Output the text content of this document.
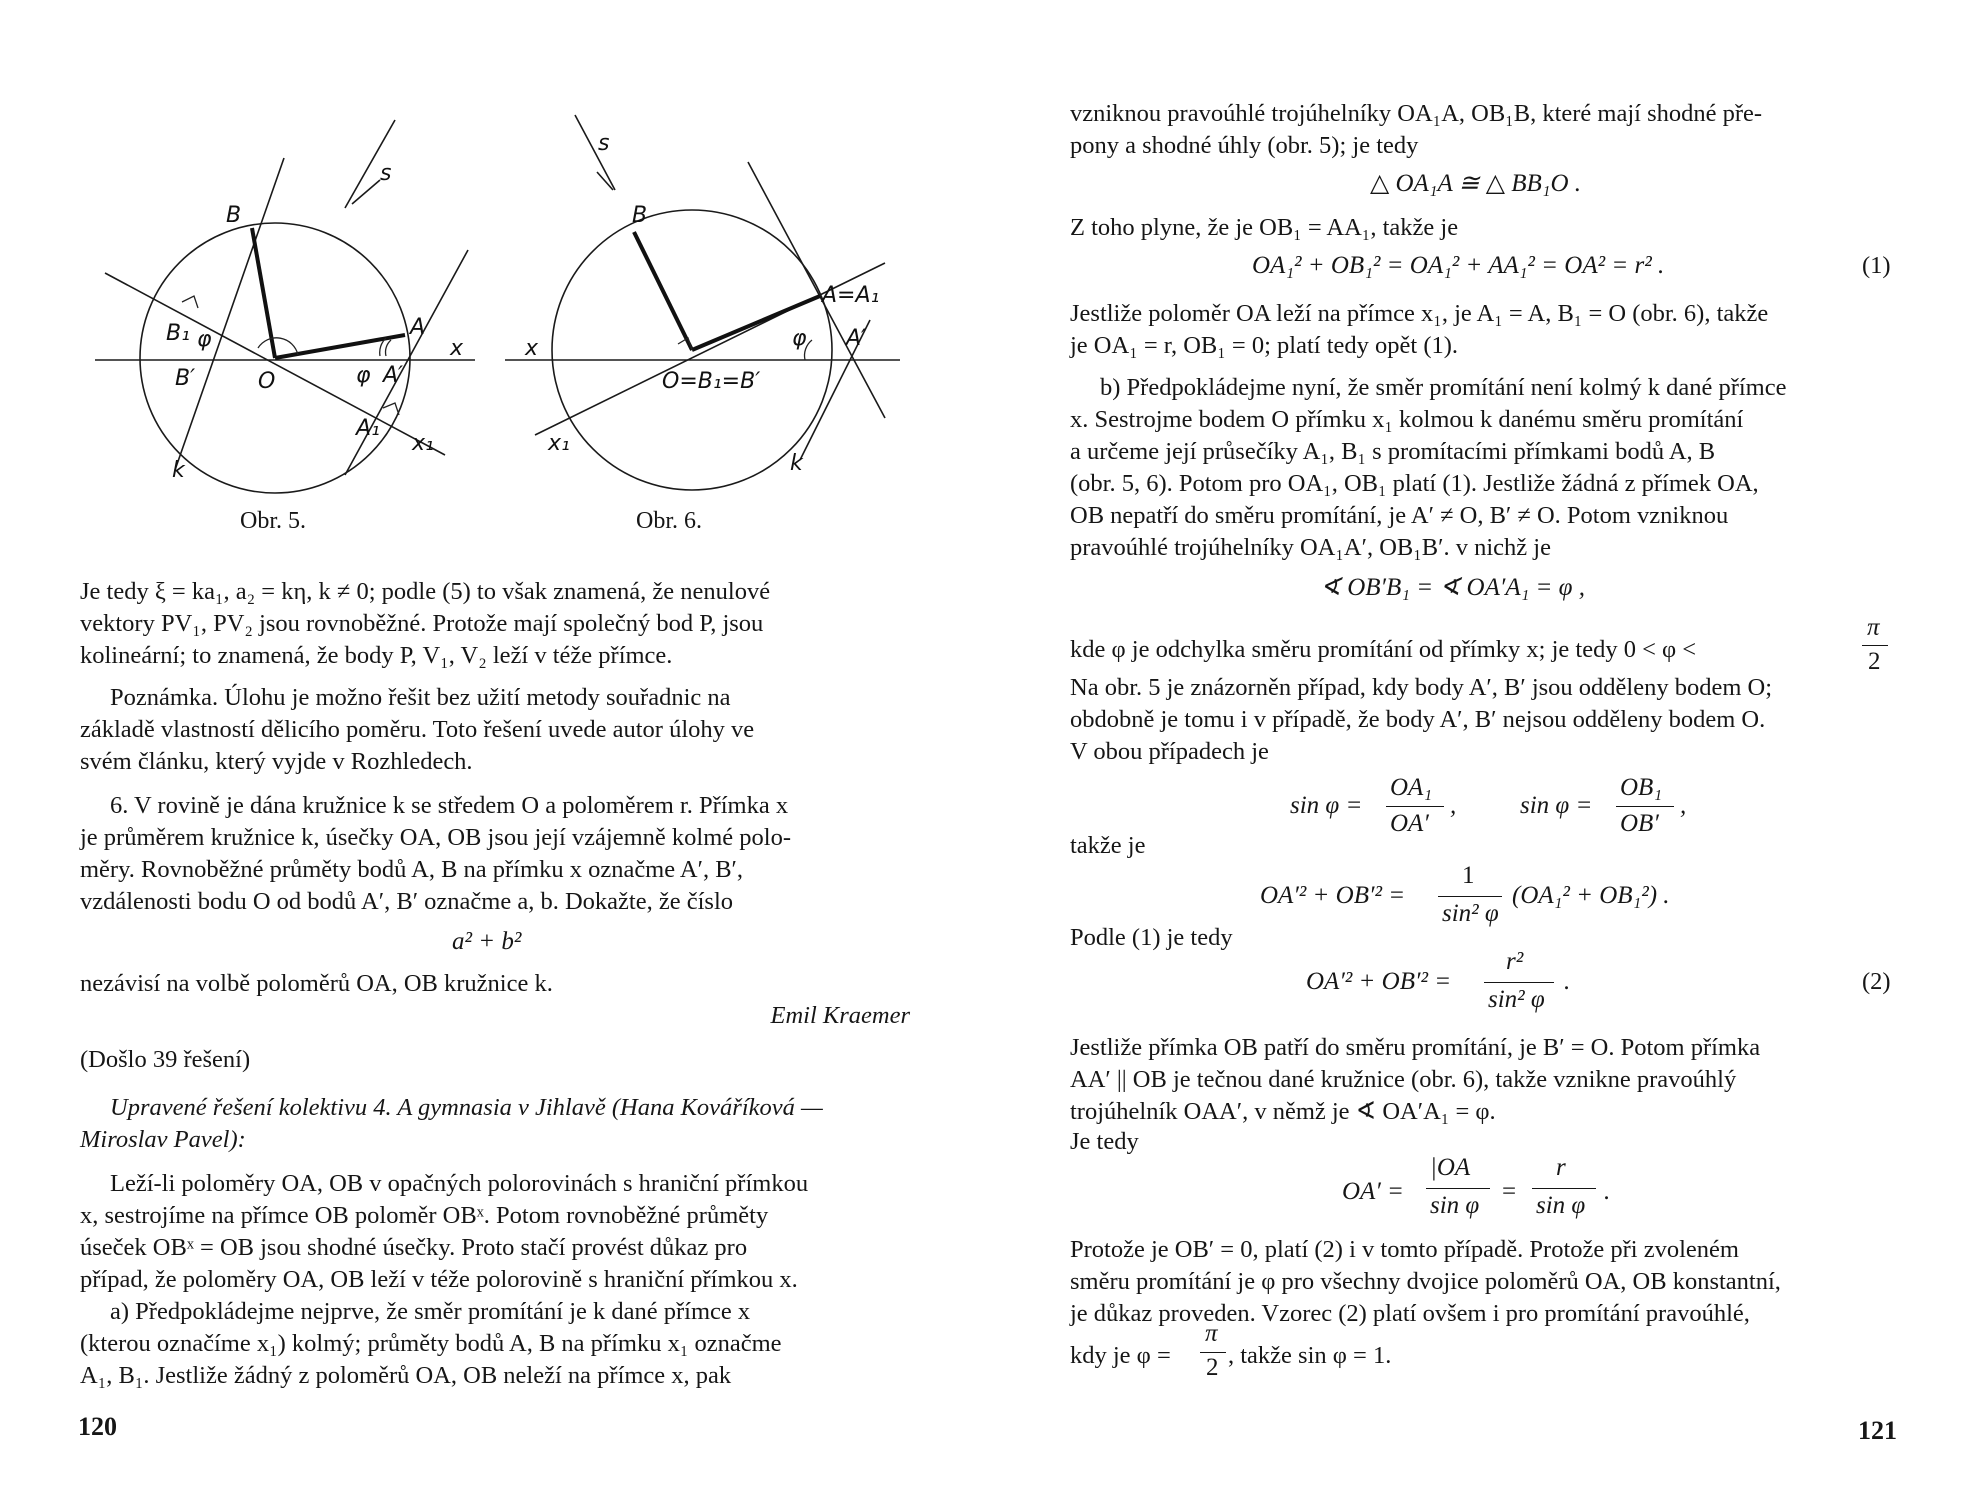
B
s
B₁ φ
B′	O	φ A′
A
x
A₁
x₁
k
Obr. 5.
s
B
x
O=B₁=B′
A=A₁
φ A′
x₁
k
Obr. 6.
Je tedy ξ = ka₁, a₂ = kη, k ≠ 0; podle (5) to však znamená, že nenulové
vektory PV₁, PV₂ jsou rovnoběžné. Protože mají společný bod P, jsou
kolineární; to znamená, že body P, V₁, V₂ leží v téže přímce.
Poznámka. Úlohu je možno řešit bez užití metody souřadnic na
základě vlastností dělicího poměru. Toto řešení uvede autor úlohy ve
svém článku, který vyjde v Rozhledech.
6. V rovině je dána kružnice k se středem O a poloměrem r. Přímka x
je průměrem kružnice k, úsečky OA, OB jsou její vzájemně kolmé polo-
měry. Rovnoběžné průměty bodů A, B na přímku x označme A′, B′,
vzdálenosti bodu O od bodů A′, B′ označme a, b. Dokažte, že číslo
a² + b²
nezávisí na volbě poloměrů OA, OB kružnice k.
Emil Kraemer
(Došlo 39 řešení)
Upravené řešení kolektivu 4. A gymnasia v Jihlavě (Hana Kováříková —
Miroslav Pavel):
Leží-li poloměry OA, OB v opačných polorovinách s hraniční přímkou
x, sestrojíme na přímce OB poloměr OBˣ. Potom rovnoběžné průměty
úseček OBˣ = OB jsou shodné úsečky. Proto stačí provést důkaz pro
případ, že poloměry OA, OB leží v téže polorovině s hraniční přímkou x.
a) Předpokládejme nejprve, že směr promítání je k dané přímce x
(kterou označíme x₁) kolmý; průměty bodů A, B na přímku x₁ označme
A₁, B₁. Jestliže žádný z poloměrů OA, OB neleží na přímce x, pak
120
vzniknou pravoúhlé trojúhelníky OA₁A, OB₁B, které mají shodné pře-
pony a shodné úhly (obr. 5); je tedy
△ OA₁A ≅ △ BB₁O .
Z toho plyne, že je OB₁ = AA₁, takže je
OA₁² + OB₁² = OA₁² + AA₁² = OA² = r² .	(1)
Jestliže poloměr OA leží na přímce x₁, je A₁ = A, B₁ = O (obr. 6), takže
je OA₁ = r, OB₁ = 0; platí tedy opět (1).
b) Předpokládejme nyní, že směr promítání není kolmý k dané přímce
x. Sestrojme bodem O přímku x₁ kolmou k danému směru promítání
a určeme její průsečíky A₁, B₁ s promítacími přímkami bodů A, B
(obr. 5, 6). Potom pro OA₁, OB₁ platí (1). Jestliže žádná z přímek OA,
OB nepatří do směru promítání, je A′ ≠ O, B′ ≠ O. Potom vzniknou
pravoúhlé trojúhelníky OA₁A′, OB₁B′. v nichž je
∢ OB′B₁ = ∢ OA′A₁ = φ ,
kde φ je odchylka směru promítání od přímky x; je tedy 0 < φ <
π
2
Na obr. 5 je znázorněn případ, kdy body A′, B′ jsou odděleny bodem O;
obdobně je tomu i v případě, že body A′, B′ nejsou odděleny bodem O.
V obou případech je
sin φ =
OA₁
OA′
,	sin φ =
OB₁
OB′
,
takže je
OA′² + OB′² =
1
sin² φ
(OA₁² + OB₁²) .
Podle (1) je tedy
OA′² + OB′² =
r²
sin² φ
.	(2)
Jestliže přímka OB patří do směru promítání, je B′ = O. Potom přímka
AA′ || OB je tečnou dané kružnice (obr. 6), takže vznikne pravoúhlý
trojúhelník OAA′, v němž je ∢ OA′A₁ = φ.
Je tedy
OA′ =
|OA
sin φ
=
r
sin φ
.
Protože je OB′ = 0, platí (2) i v tomto případě. Protože při zvoleném
směru promítání je φ pro všechny dvojice poloměrů OA, OB konstantní,
je důkaz proveden. Vzorec (2) platí ovšem i pro promítání pravoúhlé,
kdy je φ =
π
2 , takže sin φ = 1.
121
